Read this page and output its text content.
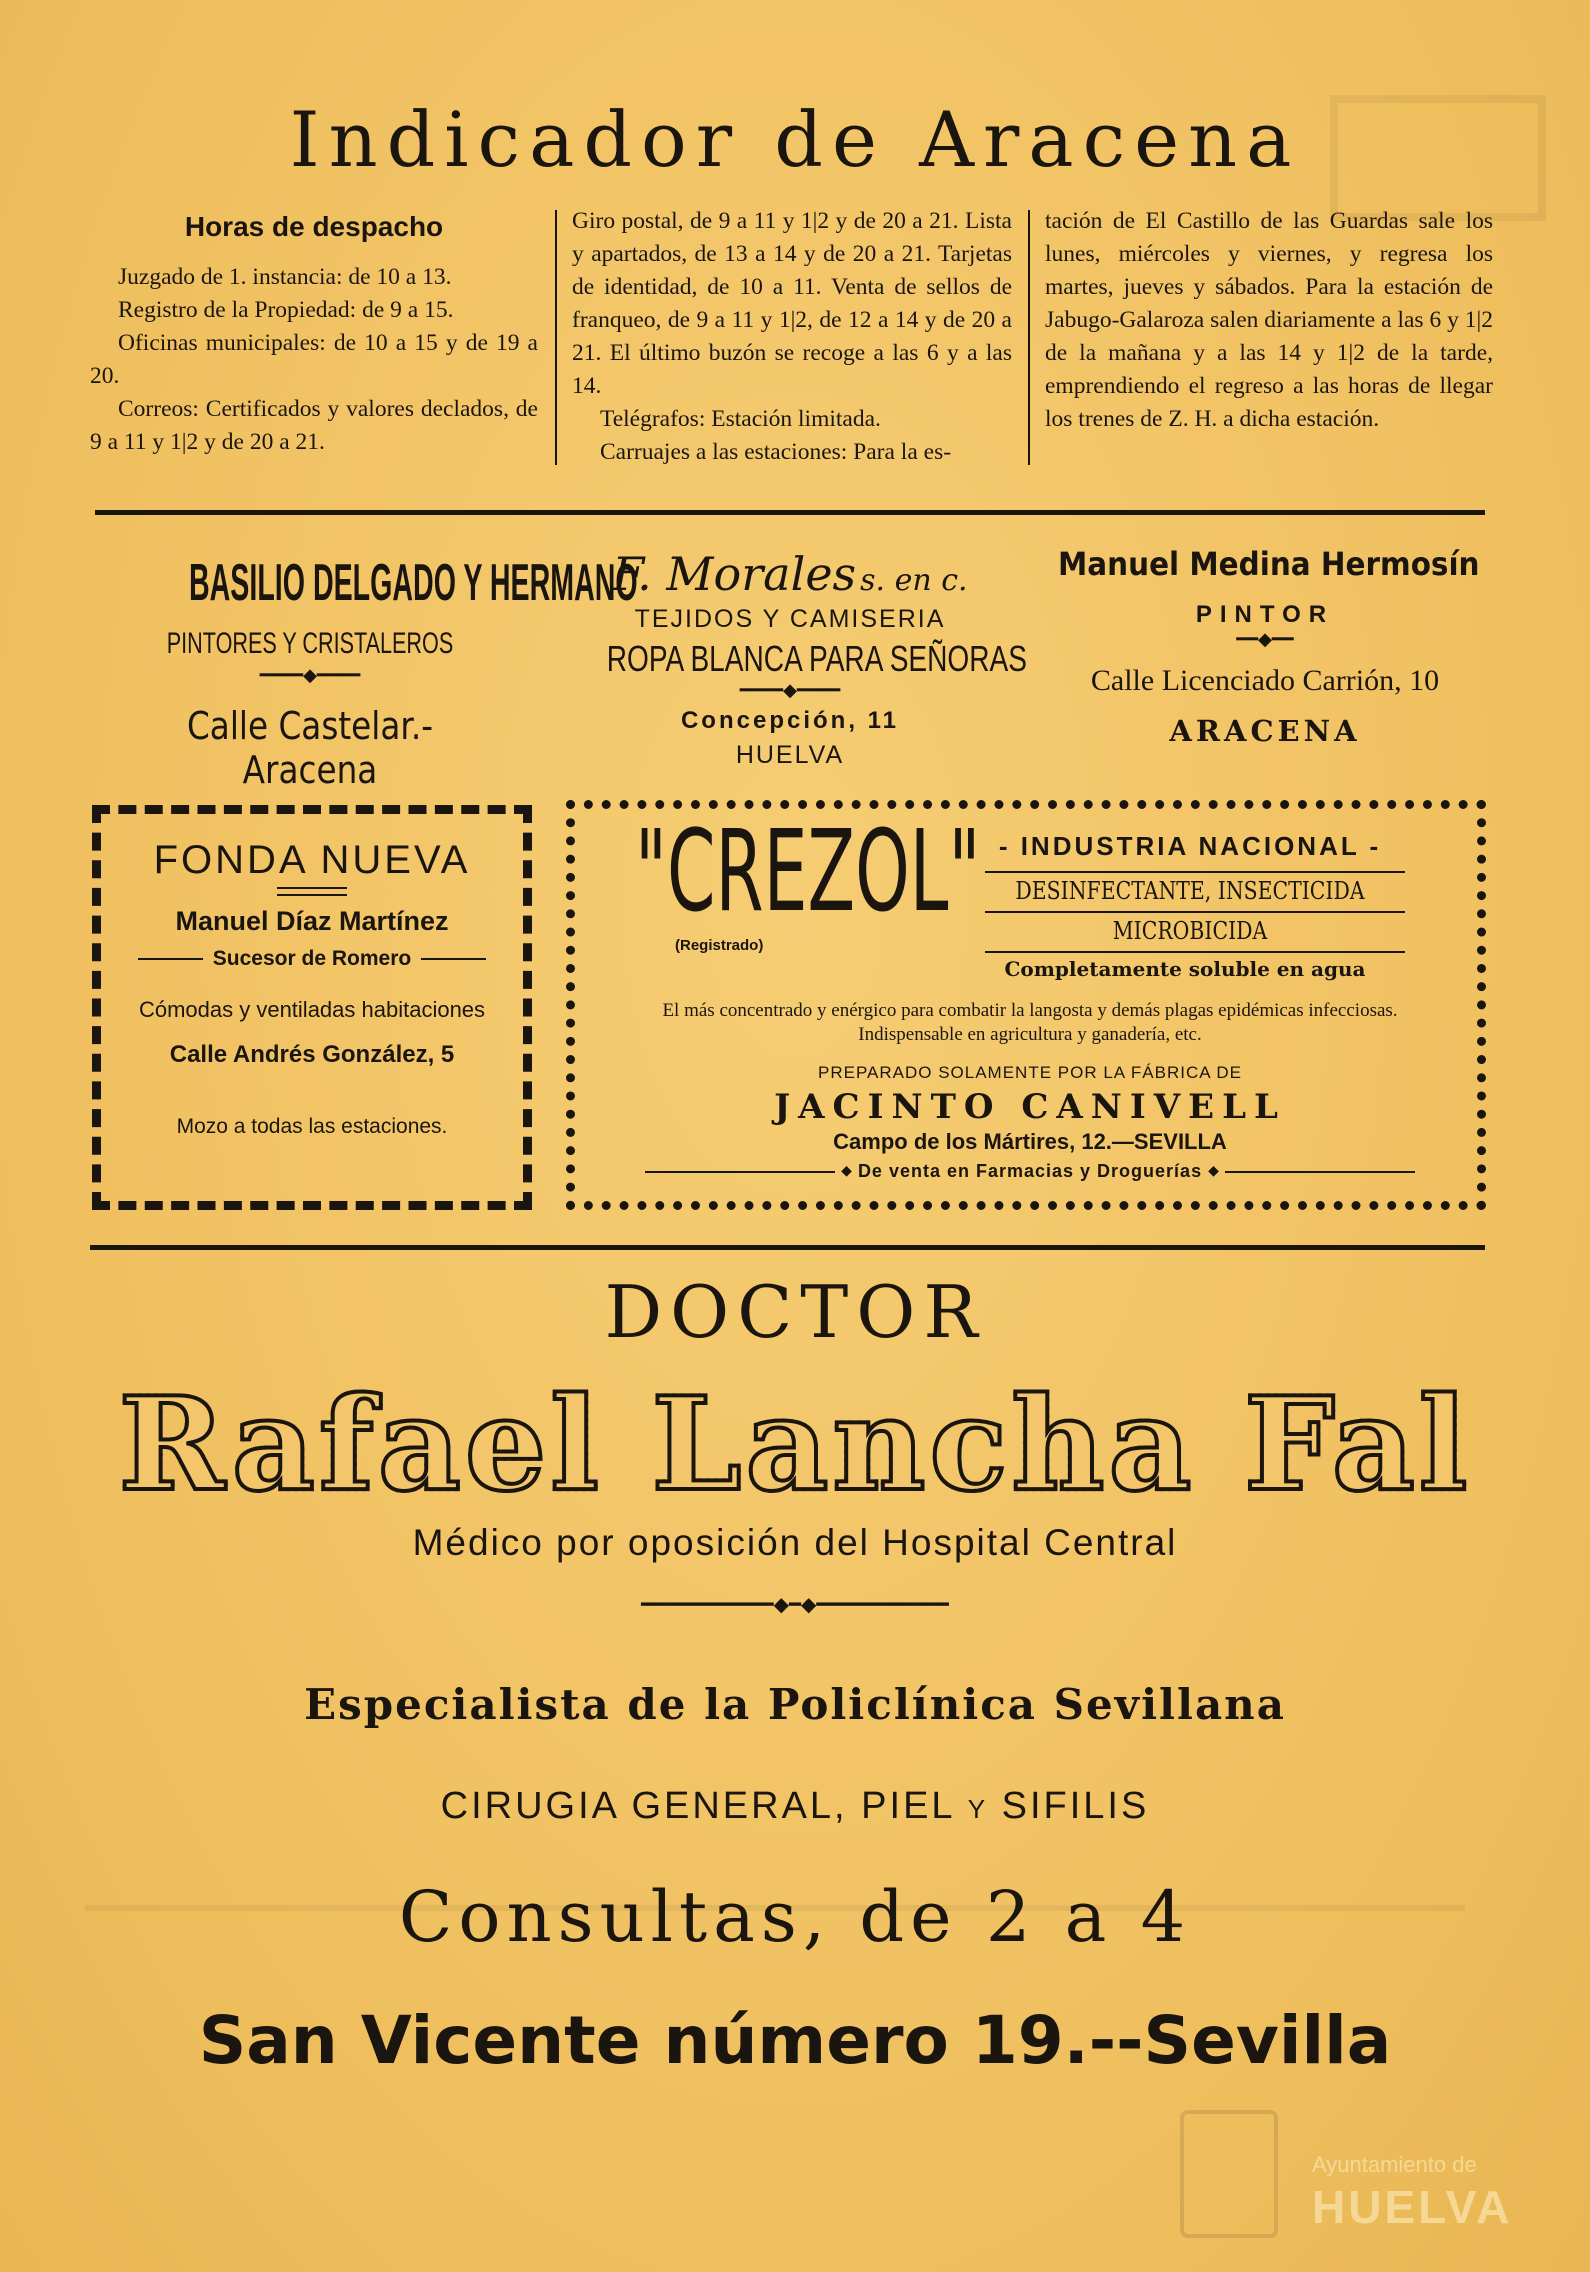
Indicador de Aracena

Horas de despacho

Juzgado de 1. instancia: de 10 a 13.

Registro de la Propiedad: de 9 a 15.

Oficinas municipales: de 10 a 15 y de 19 a 20.

Correos: Certificados y valores declados, de 9 a 11 y 1|2 y de 20 a 21.

Giro postal, de 9 a 11 y 1|2 y de 20 a 21. Lista y apartados, de 13 a 14 y de 20 a 21. Tarjetas de identidad, de 10 a 11. Venta de sellos de franqueo, de 9 a 11 y 1|2, de 12 a 14 y de 20 a 21. El último buzón se recoge a las 6 y a las 14.

Telégrafos: Estación limitada.

Carruajes a las estaciones: Para la es-

tación de El Castillo de las Guardas sale los lunes, miércoles y viernes, y regresa los martes, jueves y sábados. Para la estación de Jabugo-Galaroza salen diariamente a las 6 y 1|2 de la mañana y a las 14 y 1|2 de la tarde, emprendiendo el regreso a las horas de llegar los trenes de Z. H. a dicha estación.

BASILIO DELGADO Y HERMANO
PINTORES Y CRISTALEROS
━━━━◆━━━━
Calle Castelar.-Aracena
F. Morales s. en c.
TEJIDOS Y CAMISERIA
ROPA BLANCA PARA SEÑORAS
━━━━◆━━━━
Concepción, 11
HUELVA
Manuel Medina Hermosín
PINTOR
━━◆━━
Calle Licenciado Carrión, 10
ARACENA
FONDA NUEVA
Manuel Díaz Martínez
Sucesor de Romero
Cómodas y ventiladas habitaciones
Calle Andrés González, 5
Mozo a todas las estaciones.
"CREZOL"
(Registrado)
- INDUSTRIA NACIONAL -
DESINFECTANTE, INSECTICIDA
MICROBICIDA
Completamente soluble en agua
El más concentrado y enérgico para combatir la langosta y demás plagas epidémicas infecciosas. Indispensable en agricultura y ganadería, etc.
PREPARADO SOLAMENTE POR LA FÁBRICA DE
JACINTO CANIVELL
Campo de los Mártires, 12.—SEVILLA
◆ De venta en Farmacias y Droguerías ◆
DOCTOR
Rafael Lancha Fal
Médico por oposición del Hospital Central
━━━━━━━━━━━◆━◆━━━━━━━━━━━
Especialista de la Policlínica Sevillana
CIRUGIA GENERAL, PIEL Y SIFILIS
Consultas, de 2 a 4
San Vicente número 19.--Sevilla
Ayuntamiento de
HUELVA
